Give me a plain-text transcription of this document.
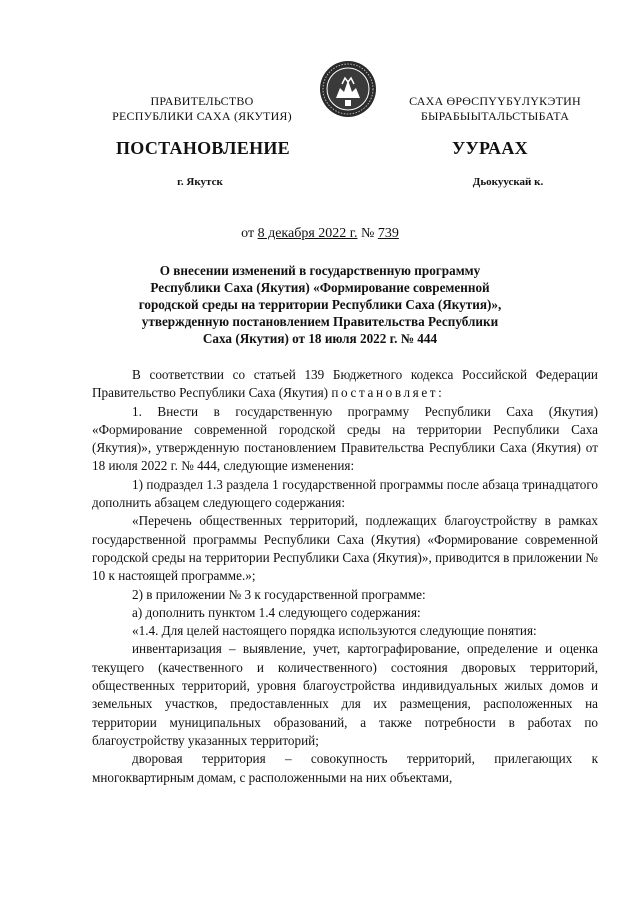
ПРАВИТЕЛЬСТВО
РЕСПУБЛИКИ САХА (ЯКУТИЯ)
САХА ӨРӨСПҮҮБҮЛҮКЭТИН
БЫРАБЫЫТАЛЬСТЫБАТА
ПОСТАНОВЛЕНИЕ	УУРААХ
г. Якутск	Дьокуускай к.
от 8 декабря 2022 г. № 739
О внесении изменений в государственную программу
Республики Саха (Якутия) «Формирование современной
городской среды на территории Республики Саха (Якутия)»,
утвержденную постановлением Правительства Республики
Саха (Якутия) от 18 июля 2022 г. № 444

В соответствии со статьей 139 Бюджетного кодекса Российской Федерации Правительство Республики Саха (Якутия) постановляет:

1. Внести в государственную программу Республики Саха (Якутия) «Формирование современной городской среды на территории Республики Саха (Якутия)», утвержденную постановлением Правительства Республики Саха (Якутия) от 18 июля 2022 г. № 444, следующие изменения:

1) подраздел 1.3 раздела 1 государственной программы после абзаца тринадцатого дополнить абзацем следующего содержания:

«Перечень общественных территорий, подлежащих благоустройству в рамках государственной программы Республики Саха (Якутия) «Формирование современной городской среды на территории Республики Саха (Якутия)», приводится в приложении № 10 к настоящей программе.»;

2) в приложении № 3 к государственной программе:

а) дополнить пунктом 1.4 следующего содержания:

«1.4. Для целей настоящего порядка используются следующие понятия:

инвентаризация – выявление, учет, картографирование, определение и оценка текущего (качественного и количественного) состояния дворовых территорий, общественных территорий, уровня благоустройства индивидуальных жилых домов и земельных участков, предоставленных для их размещения, расположенных на территории муниципальных образований, а также потребности в работах по благоустройству указанных территорий;

дворовая территория – совокупность территорий, прилегающих к многоквартирным домам, с расположенными на них объектами,
